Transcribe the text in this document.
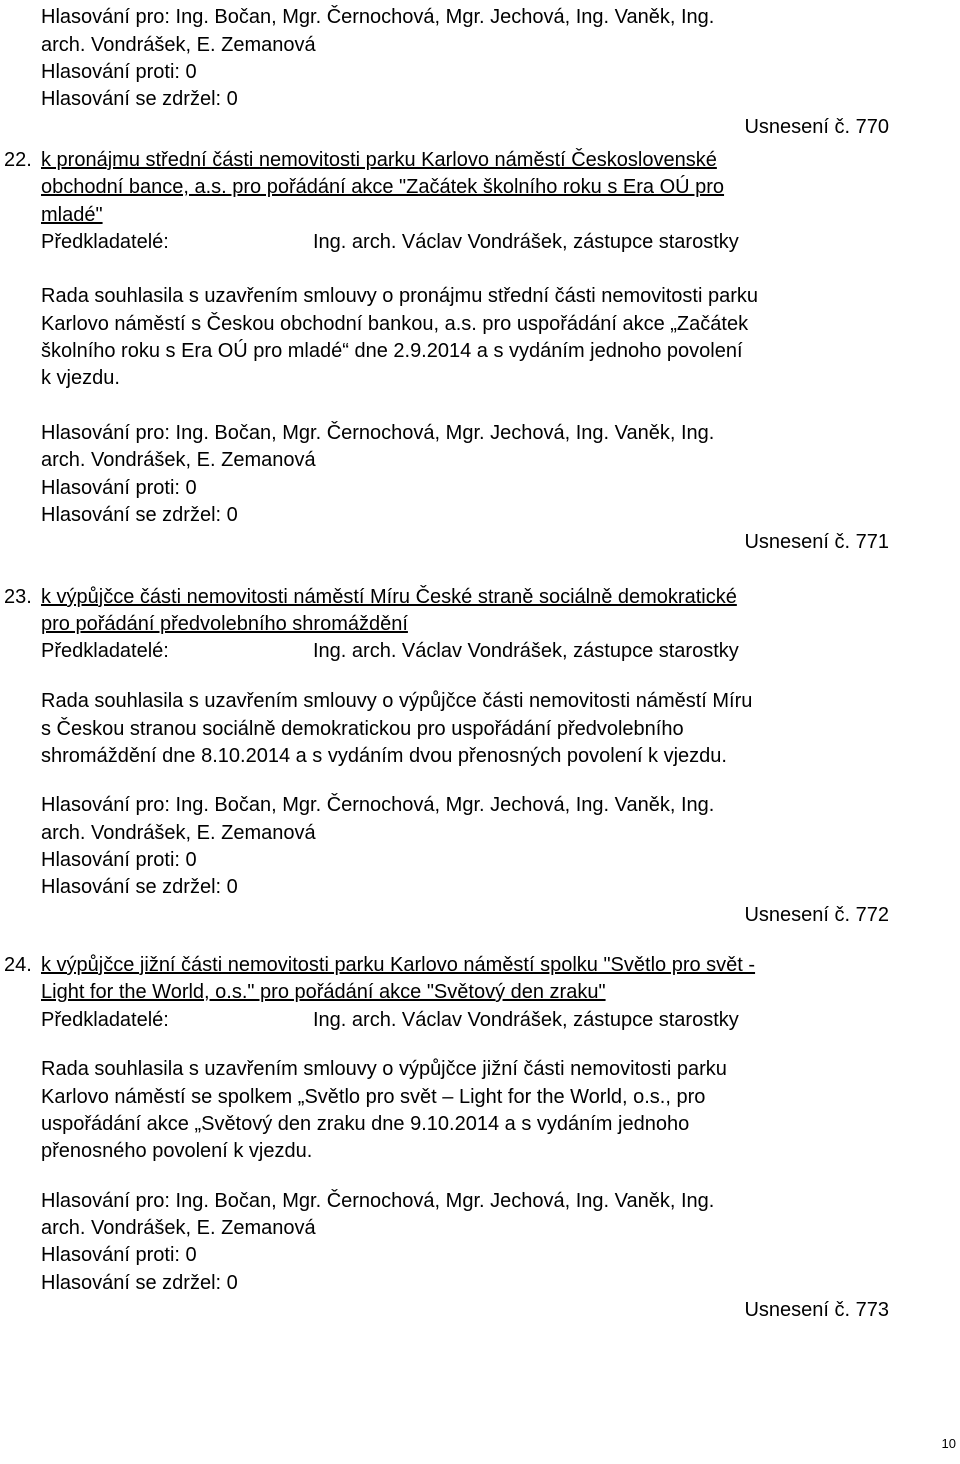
Hlasování pro: Ing. Bočan, Mgr. Černochová, Mgr. Jechová, Ing. Vaněk, Ing.
arch. Vondrášek, E. Zemanová
Hlasování proti: 0
Hlasování se zdržel: 0
Usnesení č. 770
22. k pronájmu střední části nemovitosti parku Karlovo náměstí Československé
obchodní bance, a.s. pro pořádání akce "Začátek školního roku s Era OÚ pro
mladé"
Předkladatelé:	Ing. arch. Václav Vondrášek, zástupce starostky
Rada souhlasila s uzavřením smlouvy o pronájmu střední části nemovitosti parku
Karlovo náměstí s Českou obchodní bankou, a.s. pro uspořádání akce „Začátek
školního roku s Era OÚ pro mladé“ dne 2.9.2014 a s vydáním jednoho povolení
k vjezdu.
Hlasování pro: Ing. Bočan, Mgr. Černochová, Mgr. Jechová, Ing. Vaněk, Ing.
arch. Vondrášek, E. Zemanová
Hlasování proti: 0
Hlasování se zdržel: 0
Usnesení č. 771
23. k výpůjčce části nemovitosti náměstí Míru České straně sociálně demokratické
pro pořádání předvolebního shromáždění
Předkladatelé:	Ing. arch. Václav Vondrášek, zástupce starostky
Rada souhlasila s uzavřením smlouvy o výpůjčce části nemovitosti náměstí Míru
s Českou stranou sociálně demokratickou pro uspořádání předvolebního
shromáždění dne 8.10.2014 a s vydáním dvou přenosných povolení k vjezdu.
Hlasování pro: Ing. Bočan, Mgr. Černochová, Mgr. Jechová, Ing. Vaněk, Ing.
arch. Vondrášek, E. Zemanová
Hlasování proti: 0
Hlasování se zdržel: 0
Usnesení č. 772
24. k výpůjčce jižní části nemovitosti parku Karlovo náměstí spolku "Světlo pro svět -
Light for the World, o.s." pro pořádání akce "Světový den zraku"
Předkladatelé:	Ing. arch. Václav Vondrášek, zástupce starostky
Rada souhlasila s uzavřením smlouvy o výpůjčce jižní části nemovitosti parku
Karlovo náměstí se spolkem „Světlo pro svět – Light for the World, o.s., pro
uspořádání akce „Světový den zraku dne 9.10.2014 a s vydáním jednoho
přenosného povolení k vjezdu.
Hlasování pro: Ing. Bočan, Mgr. Černochová, Mgr. Jechová, Ing. Vaněk, Ing.
arch. Vondrášek, E. Zemanová
Hlasování proti: 0
Hlasování se zdržel: 0
Usnesení č. 773
10
